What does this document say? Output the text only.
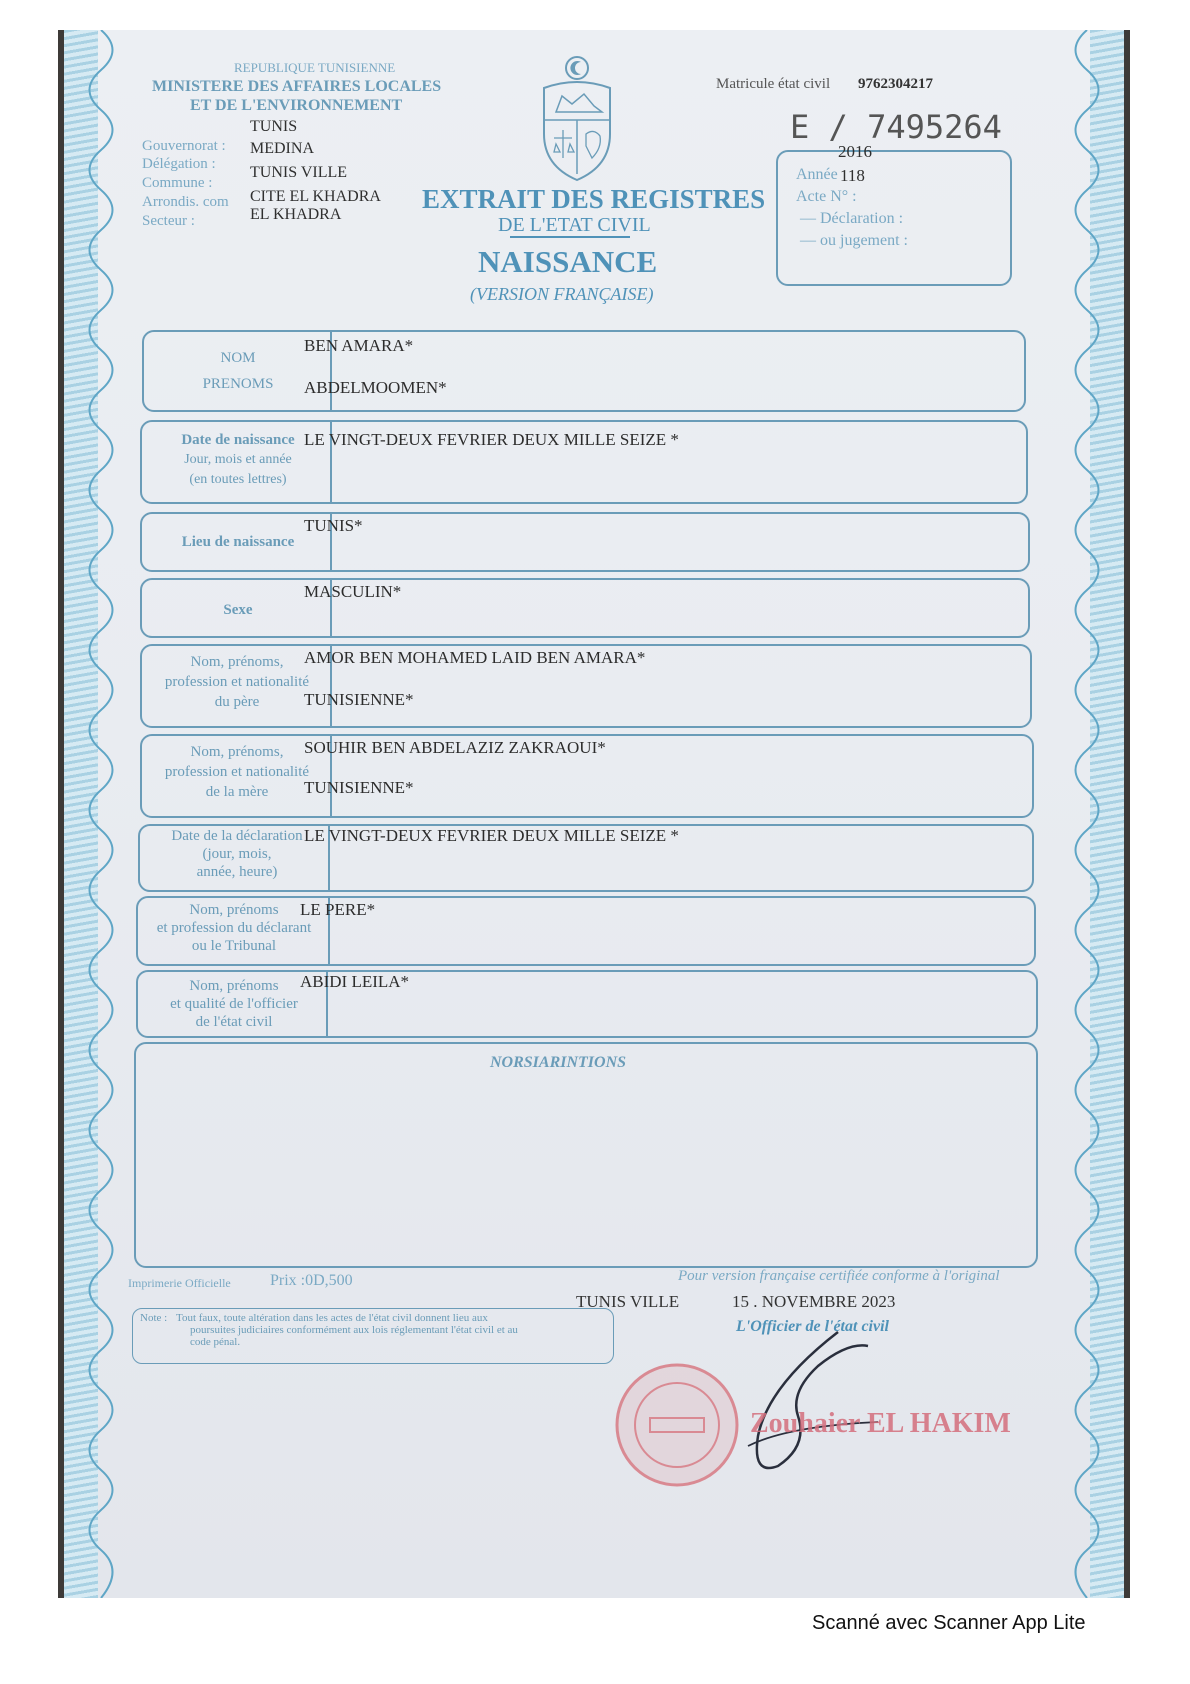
REPUBLIQUE TUNISIENNE
MINISTERE DES AFFAIRES LOCALES
ET DE L'ENVIRONNEMENT
TUNIS
Gouvernorat : MEDINA
Délégation : TUNIS VILLE
Commune :
CITE EL KHADRA
Arrondis. com
EL KHADRA
Secteur :
EXTRAIT DES REGISTRES
DE L'ETAT CIVIL
NAISSANCE
(VERSION FRANÇAISE)
Matricule état civil 9762304217
E / 7495264
2016
Année 118
Acte N° :
— Déclaration :
— ou jugement :
NOM
PRENOMS
BEN AMARA*
ABDELMOOMEN*
Date de naissance
Jour, mois et année
(en toutes lettres)
LE VINGT-DEUX FEVRIER DEUX MILLE SEIZE *
Lieu de naissance
TUNIS*
Sexe
MASCULIN*
Nom, prénoms,
profession et nationalité
du père
AMOR BEN MOHAMED LAID BEN AMARA*
TUNISIENNE*
Nom, prénoms,
profession et nationalité
de la mère
SOUHIR BEN ABDELAZIZ ZAKRAOUI*
TUNISIENNE*
Date de la déclaration
(jour, mois,
année, heure)
LE VINGT-DEUX FEVRIER DEUX MILLE SEIZE *
Nom, prénoms
et profession du déclarant
ou le Tribunal
LE PERE*
Nom, prénoms
et qualité de l'officier
de l'état civil
ABIDI LEILA*
NORSIARINTIONS
Imprimerie Officielle Prix :0D,500	Pour version française certifiée conforme à l'original
TUNIS VILLE	15 . NOVEMBRE 2023
L'Officier de l'état civil
Note : Tout faux, toute altération dans les actes de l'état civil donnent lieu aux
poursuites judiciaires conformément aux lois réglementant l'état civil et au
code pénal.
Zouhaier EL HAKIM
Scanné avec Scanner App Lite
